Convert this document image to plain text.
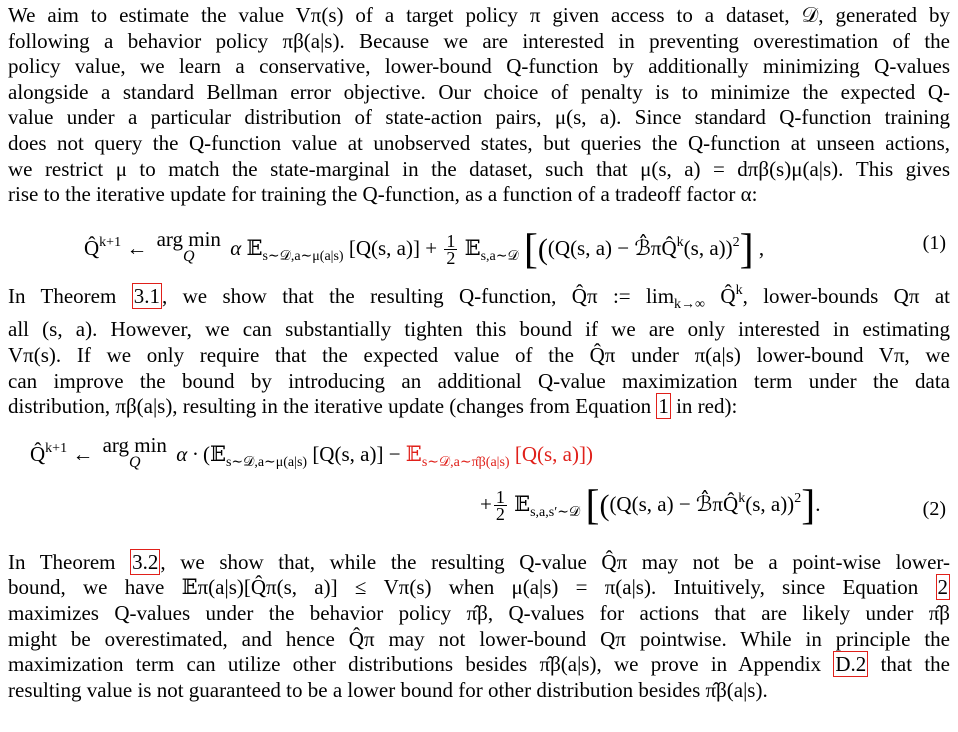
We aim to estimate the value Vπ(s) of a target policy π given access to a dataset, 𝒟, generated by
following a behavior policy πβ(a|s). Because we are interested in preventing overestimation of the
policy value, we learn a conservative, lower-bound Q-function by additionally minimizing Q-values
alongside a standard Bellman error objective. Our choice of penalty is to minimize the expected Q-
value under a particular distribution of state-action pairs, μ(s, a). Since standard Q-function training
does not query the Q-function value at unobserved states, but queries the Q-function at unseen actions,
we restrict μ to match the state-marginal in the dataset, such that μ(s, a) = dπβ(s)μ(a|s). This gives
rise to the iterative update for training the Q-function, as a function of a tradeoff factor α:

Q̂$^{k+1}$ ← arg min
Q	α 𝔼$_{s\sim 𝒟,a\sim\mu(a|s)}$ [Q(s, $a)] + \frac{1}{2}$ 𝔼$_{s,a\sim 𝒟}$ [((Q(s, a) − ℬ̂πQ̂$^k$(s, a))$^2$] ,	(1)

In Theorem 3.1, we show that the resulting Q-function, Q̂π := $\lim_{k\to\infty}$ Q̂$^k$, lower-bounds Qπ at
all (s, a). However, we can substantially tighten this bound if we are only interested in estimating
Vπ(s). If we only require that the expected value of the Q̂π under π(a|s) lower-bound Vπ, we
can improve the bound by introducing an additional Q-value maximization term under the data
distribution, πβ(a|s), resulting in the iterative update (changes from Equation 1 in red):

Q̂$^{k+1}$ ← arg min
Q	α · (𝔼$_{s\sim 𝒟,a\sim\mu(a|s)}$ [Q(s, a)] − 𝔼$_{s\sim 𝒟,a\sim\pî\beta(a|s)}$ [Q(s, a)])
+ $\frac{1}{2}$ 𝔼$_{s,a,s'\sim 𝒟}$ [((Q(s, a) − ℬ̂πQ̂$^k$(s, a))$^2$].	(2)

In Theorem 3.2, we show that, while the resulting Q-value Q̂π may not be a point-wise lower-
bound, we have 𝔼π(a|s)[Q̂π(s, a)] ≤ Vπ(s) when μ(a|s) = π(a|s). Intuitively, since Equation 2
maximizes Q-values under the behavior policy π̂β, Q-values for actions that are likely under π̂β
might be overestimated, and hence Q̂π may not lower-bound Qπ pointwise. While in principle the
maximization term can utilize other distributions besides π̂β(a|s), we prove in Appendix D.2 that the
resulting value is not guaranteed to be a lower bound for other distribution besides π̂β(a|s).
